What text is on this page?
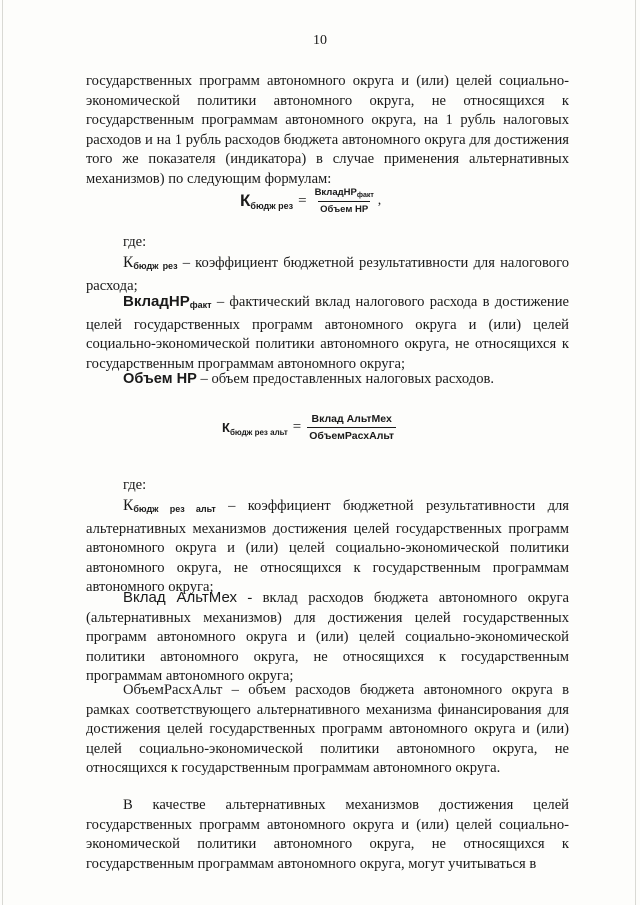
10

государственных программ автономного округа и (или) целей социально-экономической политики автономного округа, не относящихся к государственным программам автономного округа, на 1 рубль налоговых расходов и на 1 рубль расходов бюджета автономного округа для достижения того же показателя (индикатора) в случае применения альтернативных механизмов) по следующим формулам:

Кбюдж рез = $\frac{ВкладНР_{факт}}{\text{Объем НР}}$ ,

где:

$К_{бюдж рез}$ – коэффициент бюджетной результативности для налогового расхода;

ВкладНР$_{факт}$ – фактический вклад налогового расхода в достижение целей государственных программ автономного округа и (или) целей социально-экономической политики автономного округа, не относящихся к государственным программам автономного округа;

Объем НР – объем предоставленных налоговых расходов.

Кбюдж рез альт = $\frac{\text{Вклад АльтМех}}{\text{ОбъемРасхАльт}}$

где:

$К_{бюдж рез альт}$ – коэффициент бюджетной результативности для альтернативных механизмов достижения целей государственных программ автономного округа и (или) целей социально-экономической политики автономного округа, не относящихся к государственным программам автономного округа;

Вклад АльтМех - вклад расходов бюджета автономного округа (альтернативных механизмов) для достижения целей государственных программ автономного округа и (или) целей социально-экономической политики автономного округа, не относящихся к государственным программам автономного округа;

ОбъемРасхАльт – объем расходов бюджета автономного округа в рамках соответствующего альтернативного механизма финансирования для достижения целей государственных программ автономного округа и (или) целей социально-экономической политики автономного округа, не относящихся к государственным программам автономного округа.

В качестве альтернативных механизмов достижения целей государственных программ автономного округа и (или) целей социально-экономической политики автономного округа, не относящихся к государственным программам автономного округа, могут учитываться в
